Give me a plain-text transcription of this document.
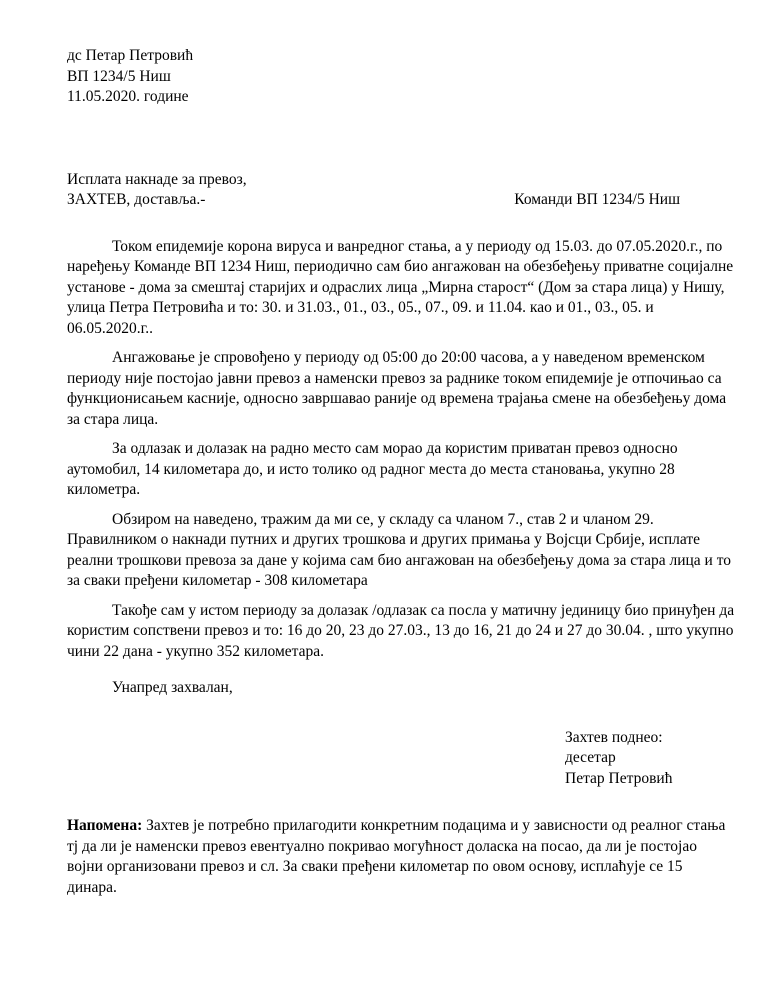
дс Петар Петровић
ВП 1234/5 Ниш
11.05.2020. године
Исплата накнаде за превоз,
ЗАХТЕВ, доставља.-	Команди ВП 1234/5 Ниш

Током епидемије корона вируса и ванредног стања, а у периоду од 15.03. до 07.05.2020.г., по наређењу Команде ВП 1234 Ниш, периодично сам био ангажован на обезбеђењу приватне социјалне установе - дома за смештај старијих и одраслих лица „Мирна старост“ (Дом за стара лица) у Нишу, улица Петра Петровића и то: 30. и 31.03., 01., 03., 05., 07., 09. и 11.04. као и 01., 03., 05. и 06.05.2020.г..

Ангажовање је спровођено у периоду од 05:00 до 20:00 часова, а у наведеном временском периоду није постојао јавни превоз а наменски превоз за раднике током епидемије је отпочињао са функционисањем касније, односно завршавао раније од времена трајања смене на обезбеђењу дома за стара лица.

За одлазак и долазак на радно место сам морао да користим приватан превоз односно аутомобил, 14 километара до, и исто толико од радног места до места становања, укупно 28 километра.

Обзиром на наведено, тражим да ми се, у складу са чланом 7., став 2 и чланом 29. Правилником о накнади путних и других трошкова и других примања у Војсци Србије, исплате реални трошкови превоза за дане у којима сам био ангажован на обезбеђењу дома за стара лица и то за сваки пређени километар - 308 километара

Такође сам у истом периоду за долазак /одлазак са посла у матичну јединицу био принуђен да користим сопствени превоз и то: 16 до 20, 23 до 27.03., 13 до 16, 21 до 24 и 27 до 30.04. , што укупно чини 22 дана - укупно 352 километара.

Унапред захвалан,
Захтев поднео:
десетар
Петар Петровић
Напомена: Захтев је потребно прилагодити конкретним подацима и у зависности од реалног стања тј да ли је наменски превоз евентуално покривао могућност доласка на посао, да ли је постојао војни организовани превоз и сл. За сваки пређени километар по овом основу, исплаћује се 15 динара.
